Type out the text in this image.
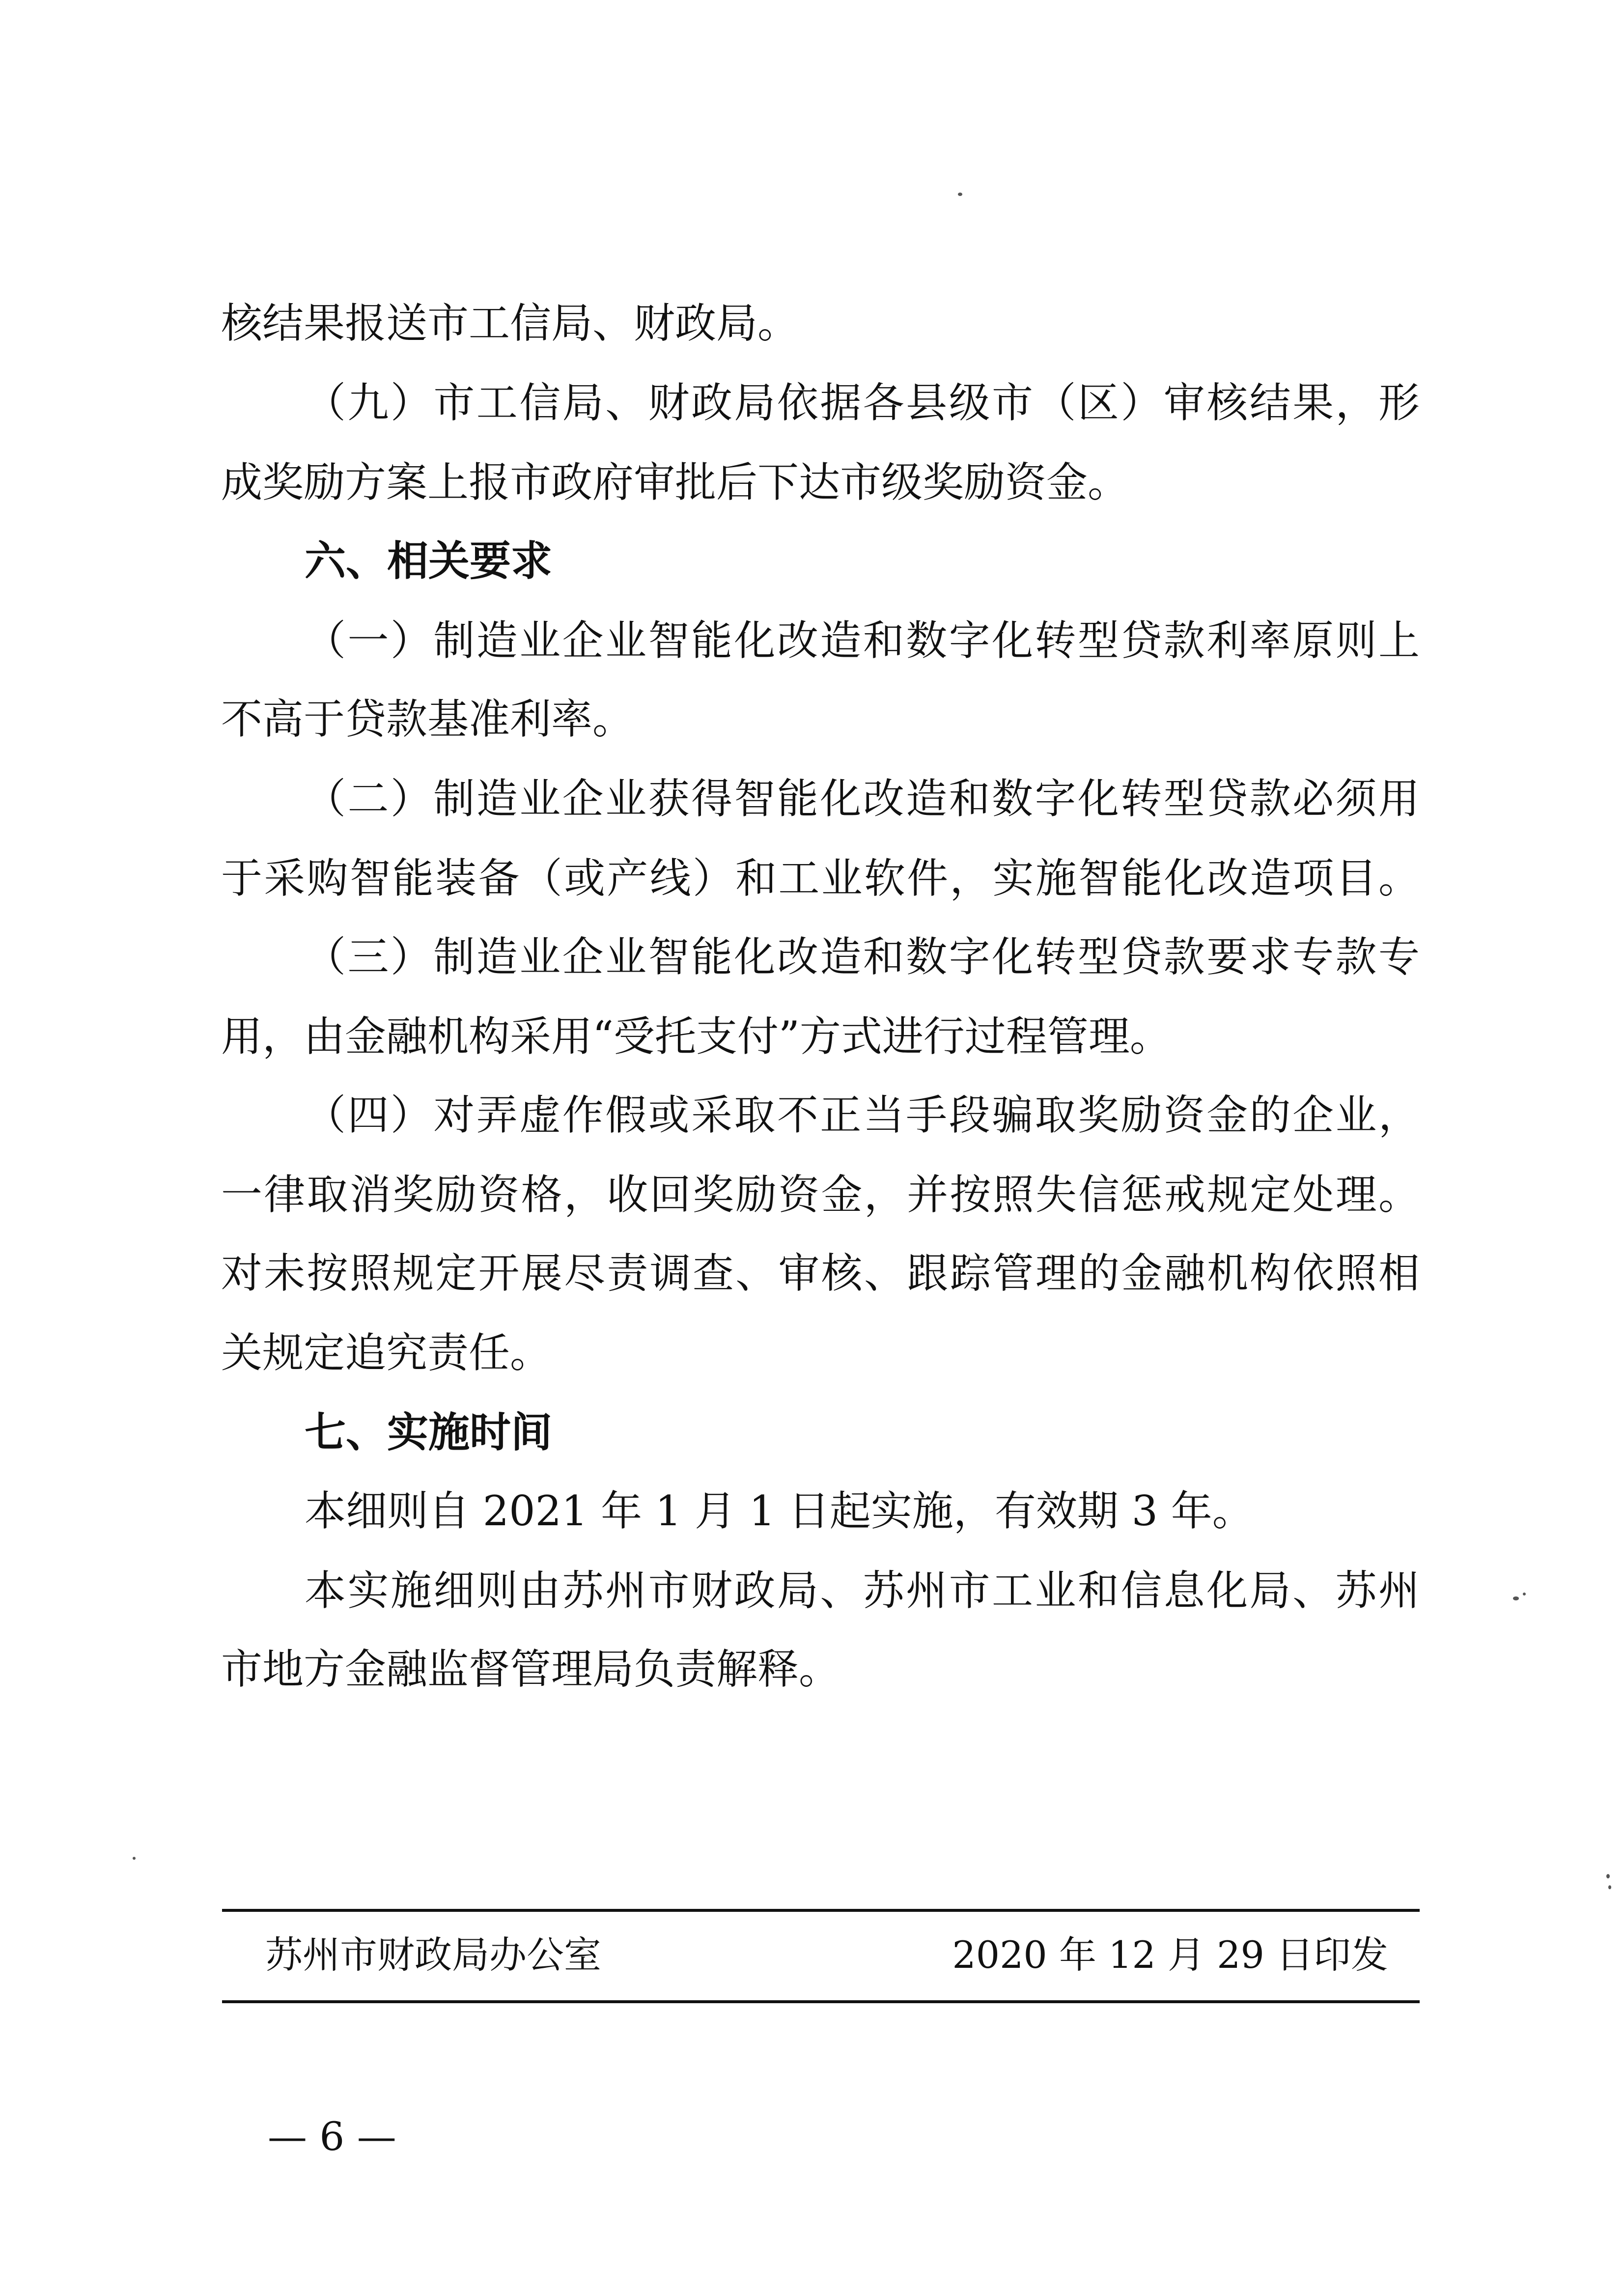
核结果报送市工信局、财政局。
（九）市工信局、财政局依据各县级市（区）审核结果，形
成奖励方案上报市政府审批后下达市级奖励资金。
六、相关要求
（一）制造业企业智能化改造和数字化转型贷款利率原则上
不高于贷款基准利率。
（二）制造业企业获得智能化改造和数字化转型贷款必须用
于采购智能装备（或产线）和工业软件，实施智能化改造项目。
（三）制造业企业智能化改造和数字化转型贷款要求专款专
用，由金融机构采用“受托支付”方式进行过程管理。
（四）对弄虚作假或采取不正当手段骗取奖励资金的企业，
一律取消奖励资格，收回奖励资金，并按照失信惩戒规定处理。
对未按照规定开展尽责调查、审核、跟踪管理的金融机构依照相
关规定追究责任。
七、实施时间
本细则自 2021 年 1 月 1 日起实施，有效期 3 年。
本实施细则由苏州市财政局、苏州市工业和信息化局、苏州
市地方金融监督管理局负责解释。
苏州市财政局办公室	2020 年 12 月 29 日印发
— 6 —
